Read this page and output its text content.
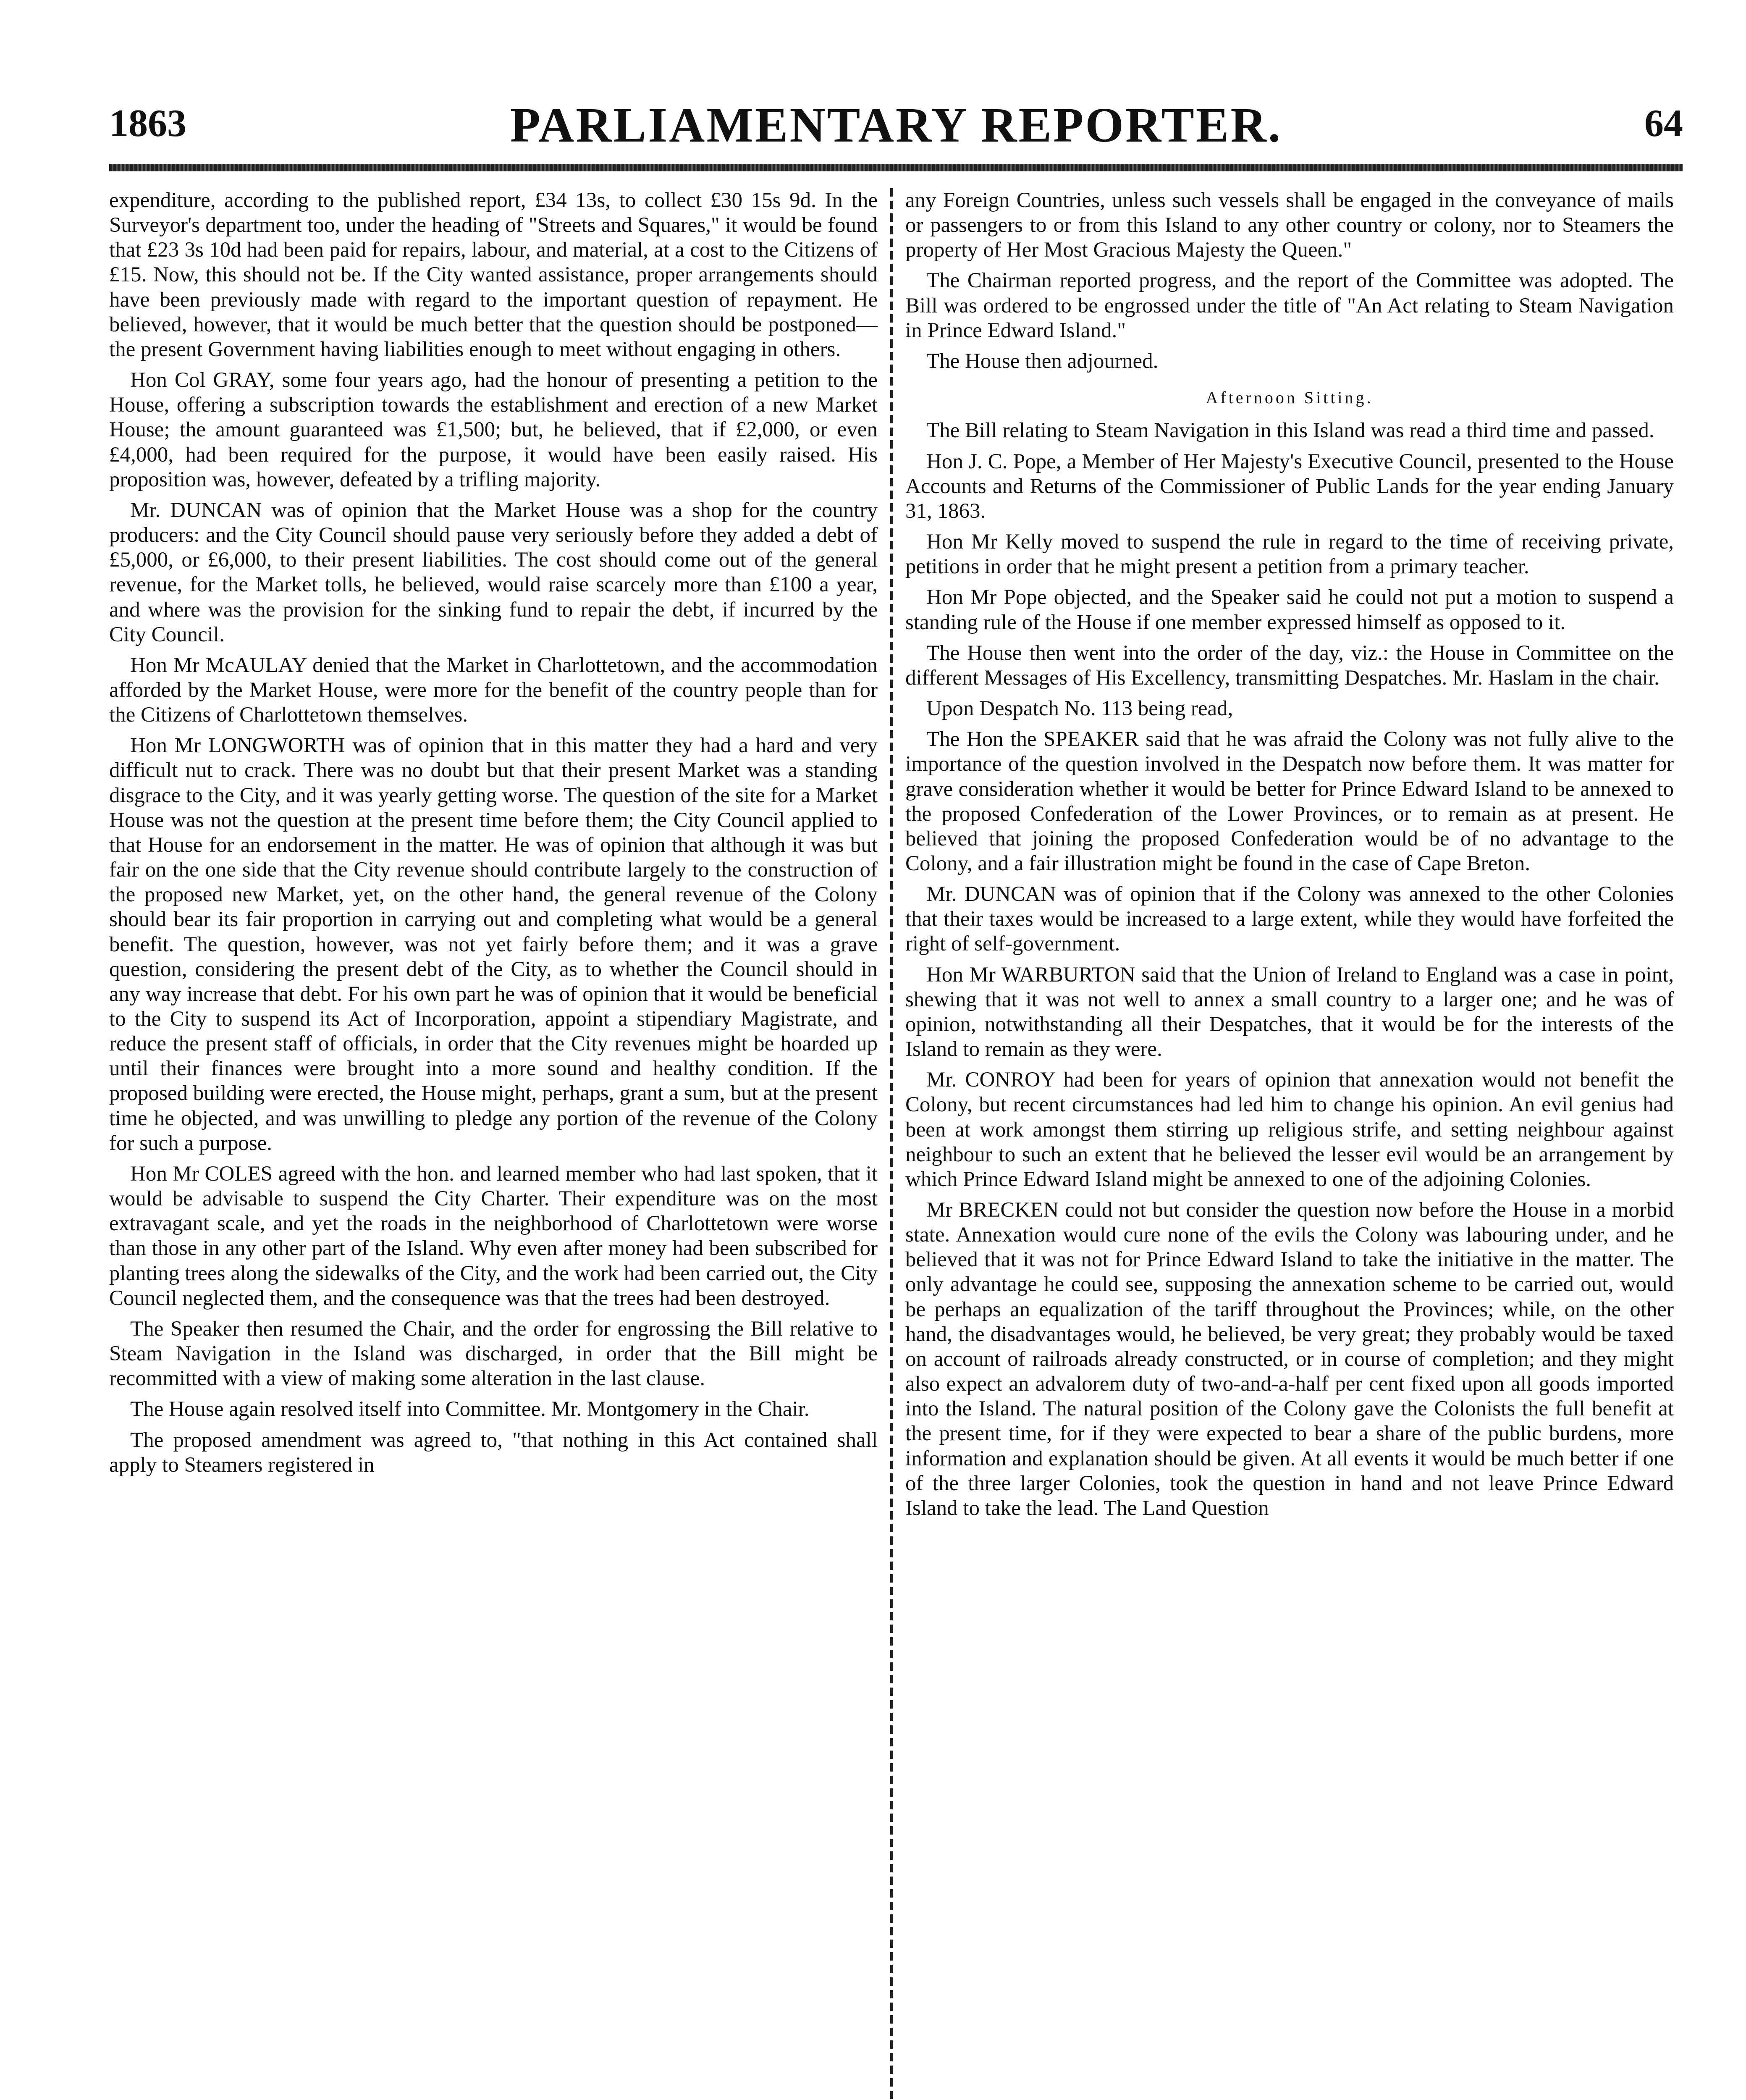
1863	PARLIAMENTARY REPORTER.	64

expenditure, according to the published report, £34 13s, to collect £30 15s 9d. In the Surveyor's department too, under the heading of "Streets and Squares," it would be found that £23 3s 10d had been paid for repairs, labour, and material, at a cost to the Citizens of £15. Now, this should not be. If the City wanted assistance, proper arrangements should have been previously made with regard to the important question of repayment. He believed, however, that it would be much better that the question should be postponed—the present Government having liabilities enough to meet without engaging in others.

Hon Col GRAY, some four years ago, had the honour of presenting a petition to the House, offering a subscription towards the establishment and erection of a new Market House; the amount guaranteed was £1,500; but, he believed, that if £2,000, or even £4,000, had been required for the purpose, it would have been easily raised. His proposition was, however, defeated by a trifling majority.

Mr. DUNCAN was of opinion that the Market House was a shop for the country producers: and the City Council should pause very seriously before they added a debt of £5,000, or £6,000, to their present liabilities. The cost should come out of the general revenue, for the Market tolls, he believed, would raise scarcely more than £100 a year, and where was the provision for the sinking fund to repair the debt, if incurred by the City Council.

Hon Mr McAULAY denied that the Market in Charlottetown, and the accommodation afforded by the Market House, were more for the benefit of the country people than for the Citizens of Charlottetown themselves.

Hon Mr LONGWORTH was of opinion that in this matter they had a hard and very difficult nut to crack. There was no doubt but that their present Market was a standing disgrace to the City, and it was yearly getting worse. The question of the site for a Market House was not the question at the present time before them; the City Council applied to that House for an endorsement in the matter. He was of opinion that although it was but fair on the one side that the City revenue should contribute largely to the construction of the proposed new Market, yet, on the other hand, the general revenue of the Colony should bear its fair proportion in carrying out and completing what would be a general benefit. The question, however, was not yet fairly before them; and it was a grave question, considering the present debt of the City, as to whether the Council should in any way increase that debt. For his own part he was of opinion that it would be beneficial to the City to suspend its Act of Incorporation, appoint a stipendiary Magistrate, and reduce the present staff of officials, in order that the City revenues might be hoarded up until their finances were brought into a more sound and healthy condition. If the proposed building were erected, the House might, perhaps, grant a sum, but at the present time he objected, and was unwilling to pledge any portion of the revenue of the Colony for such a purpose.

Hon Mr COLES agreed with the hon. and learned member who had last spoken, that it would be advisable to suspend the City Charter. Their expenditure was on the most extravagant scale, and yet the roads in the neighborhood of Charlottetown were worse than those in any other part of the Island. Why even after money had been subscribed for planting trees along the sidewalks of the City, and the work had been carried out, the City Council neglected them, and the consequence was that the trees had been destroyed.

The Speaker then resumed the Chair, and the order for engrossing the Bill relative to Steam Navigation in the Island was discharged, in order that the Bill might be recommitted with a view of making some alteration in the last clause.

The House again resolved itself into Committee. Mr. Montgomery in the Chair.

The proposed amendment was agreed to, "that nothing in this Act contained shall apply to Steamers registered in

any Foreign Countries, unless such vessels shall be engaged in the conveyance of mails or passengers to or from this Island to any other country or colony, nor to Steamers the property of Her Most Gracious Majesty the Queen."

The Chairman reported progress, and the report of the Committee was adopted. The Bill was ordered to be engrossed under the title of "An Act relating to Steam Navigation in Prince Edward Island."

The House then adjourned.

Afternoon Sitting.

The Bill relating to Steam Navigation in this Island was read a third time and passed.

Hon J. C. Pope, a Member of Her Majesty's Executive Council, presented to the House Accounts and Returns of the Commissioner of Public Lands for the year ending January 31, 1863.

Hon Mr Kelly moved to suspend the rule in regard to the time of receiving private, petitions in order that he might present a petition from a primary teacher.

Hon Mr Pope objected, and the Speaker said he could not put a motion to suspend a standing rule of the House if one member expressed himself as opposed to it.

The House then went into the order of the day, viz.: the House in Committee on the different Messages of His Excellency, transmitting Despatches. Mr. Haslam in the chair.

Upon Despatch No. 113 being read,

The Hon the SPEAKER said that he was afraid the Colony was not fully alive to the importance of the question involved in the Despatch now before them. It was matter for grave consideration whether it would be better for Prince Edward Island to be annexed to the proposed Confederation of the Lower Provinces, or to remain as at present. He believed that joining the proposed Confederation would be of no advantage to the Colony, and a fair illustration might be found in the case of Cape Breton.

Mr. DUNCAN was of opinion that if the Colony was annexed to the other Colonies that their taxes would be increased to a large extent, while they would have forfeited the right of self-government.

Hon Mr WARBURTON said that the Union of Ireland to England was a case in point, shewing that it was not well to annex a small country to a larger one; and he was of opinion, notwithstanding all their Despatches, that it would be for the interests of the Island to remain as they were.

Mr. CONROY had been for years of opinion that annexation would not benefit the Colony, but recent circumstances had led him to change his opinion. An evil genius had been at work amongst them stirring up religious strife, and setting neighbour against neighbour to such an extent that he believed the lesser evil would be an arrangement by which Prince Edward Island might be annexed to one of the adjoining Colonies.

Mr BRECKEN could not but consider the question now before the House in a morbid state. Annexation would cure none of the evils the Colony was labouring under, and he believed that it was not for Prince Edward Island to take the initiative in the matter. The only advantage he could see, supposing the annexation scheme to be carried out, would be perhaps an equalization of the tariff throughout the Provinces; while, on the other hand, the disadvantages would, he believed, be very great; they probably would be taxed on account of railroads already constructed, or in course of completion; and they might also expect an advalorem duty of two-and-a-half per cent fixed upon all goods imported into the Island. The natural position of the Colony gave the Colonists the full benefit at the present time, for if they were expected to bear a share of the public burdens, more information and explanation should be given. At all events it would be much better if one of the three larger Colonies, took the question in hand and not leave Prince Edward Island to take the lead. The Land Question
